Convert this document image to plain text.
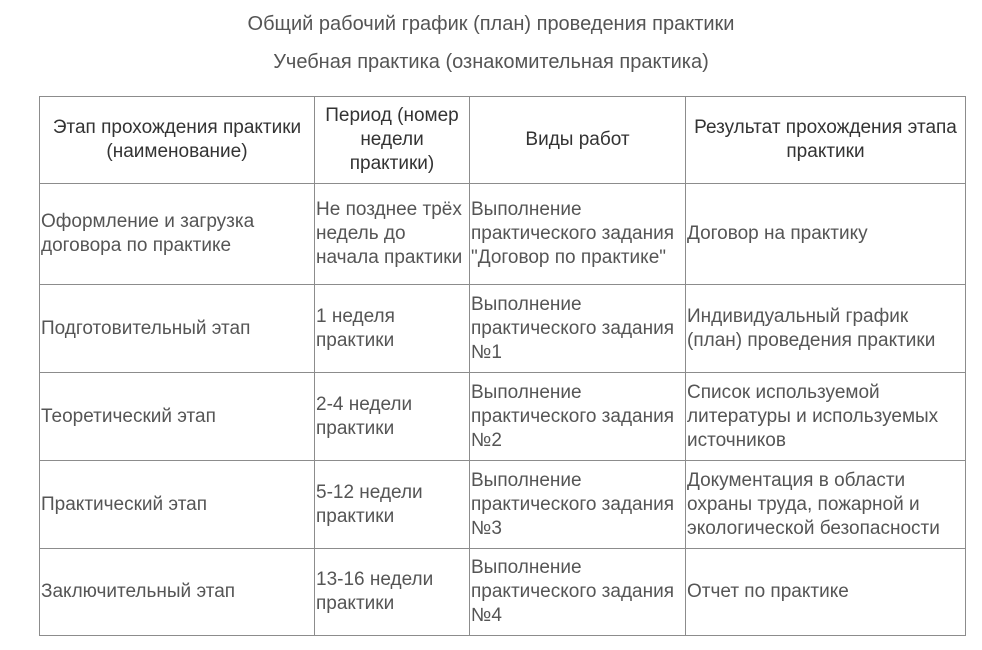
Общий рабочий график (план) проведения практики
Учебная практика (ознакомительная практика)
Этап прохождения практики (наименование)	Период (номер недели практики)	Виды работ	Результат прохождения этапа практики
Оформление и загрузка договора по практике	Не позднее трёх недель до начала практики	Выполнение практического задания "Договор по практике"	Договор на практику
Подготовительный этап	1 неделя практики	Выполнение практического задания №1	Индивидуальный график (план) проведения практики
Теоретический этап	2-4 недели практики	Выполнение практического задания №2	Список используемой литературы и используемых источников
Практический этап	5-12 недели практики	Выполнение практического задания №3	Документация в области охраны труда, пожарной и экологической безопасности
Заключительный этап	13-16 недели практики	Выполнение практического задания №4	Отчет по практике
